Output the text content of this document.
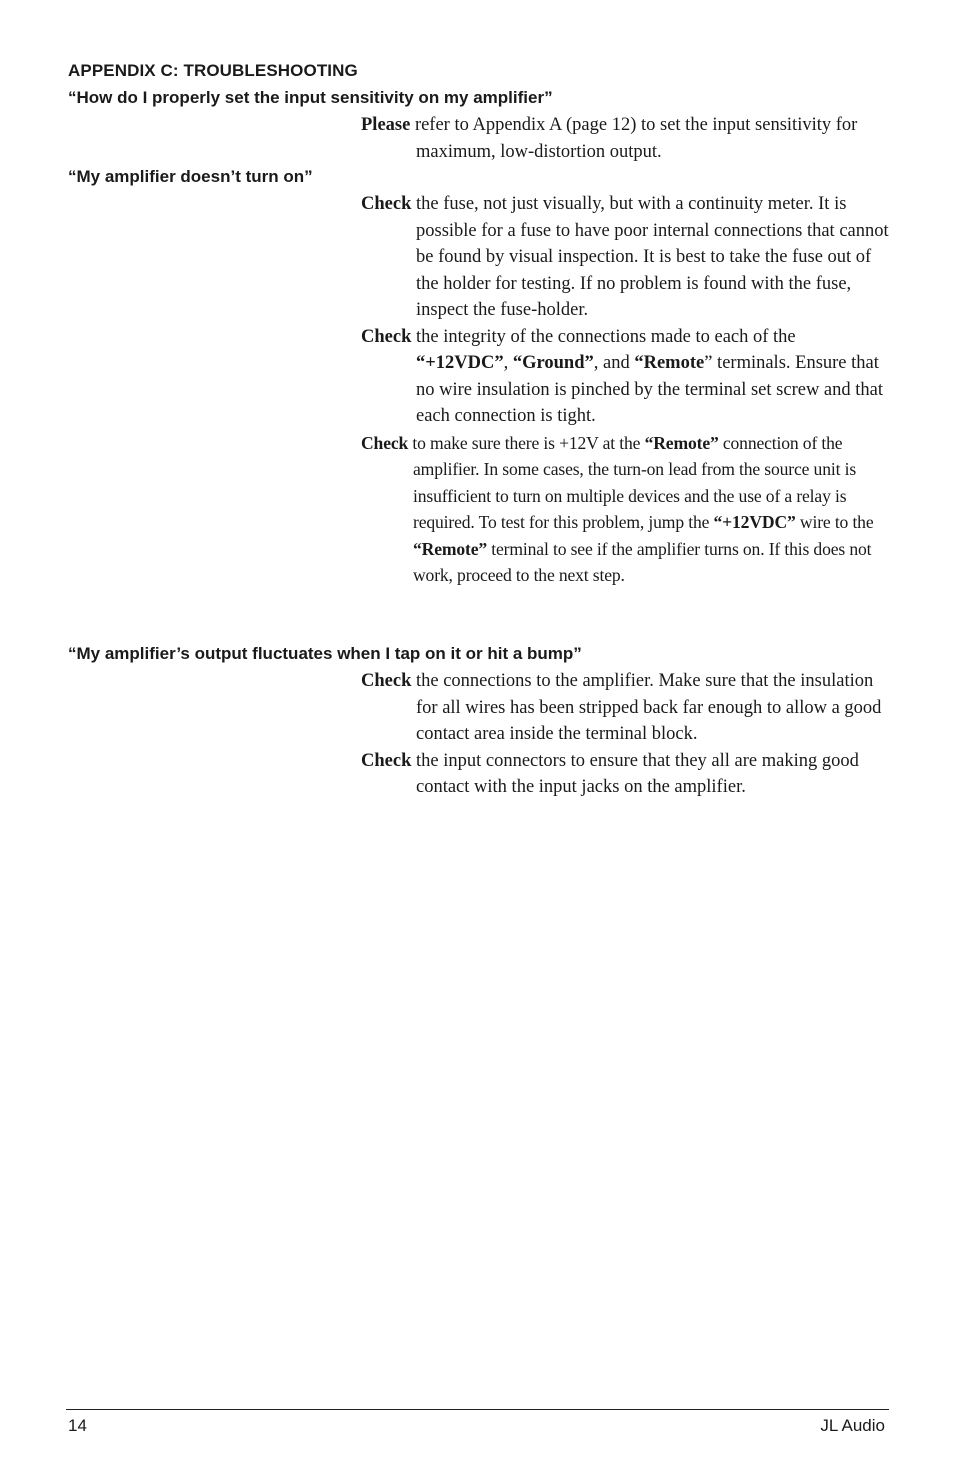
APPENDIX C: TROUBLESHOOTING
“How do I properly set the input sensitivity on my amplifier”
Please refer to Appendix A (page 12) to set the input sensitivity for maximum, low-distortion output.
“My amplifier doesn’t turn on”
Check the fuse, not just visually, but with a continuity meter. It is possible for a fuse to have poor internal connections that cannot be found by visual inspection. It is best to take the fuse out of the holder for testing. If no problem is found with the fuse, inspect the fuse-holder.
Check the integrity of the connections made to each of the “+12VDC”, “Ground”, and “Remote” terminals. Ensure that no wire insulation is pinched by the terminal set screw and that each connection is tight.
Check to make sure there is +12V at the “Remote” connection of the amplifier. In some cases, the turn-on lead from the source unit is insufficient to turn on multiple devices and the use of a relay is required. To test for this problem, jump the “+12VDC” wire to the “Remote” terminal to see if the amplifier turns on. If this does not work, proceed to the next step.
“My amplifier’s output fluctuates when I tap on it or hit a bump”
Check the connections to the amplifier. Make sure that the insulation for all wires has been stripped back far enough to allow a good contact area inside the terminal block.
Check the input connectors to ensure that they all are making good contact with the input jacks on the amplifier.
14	JL Audio
